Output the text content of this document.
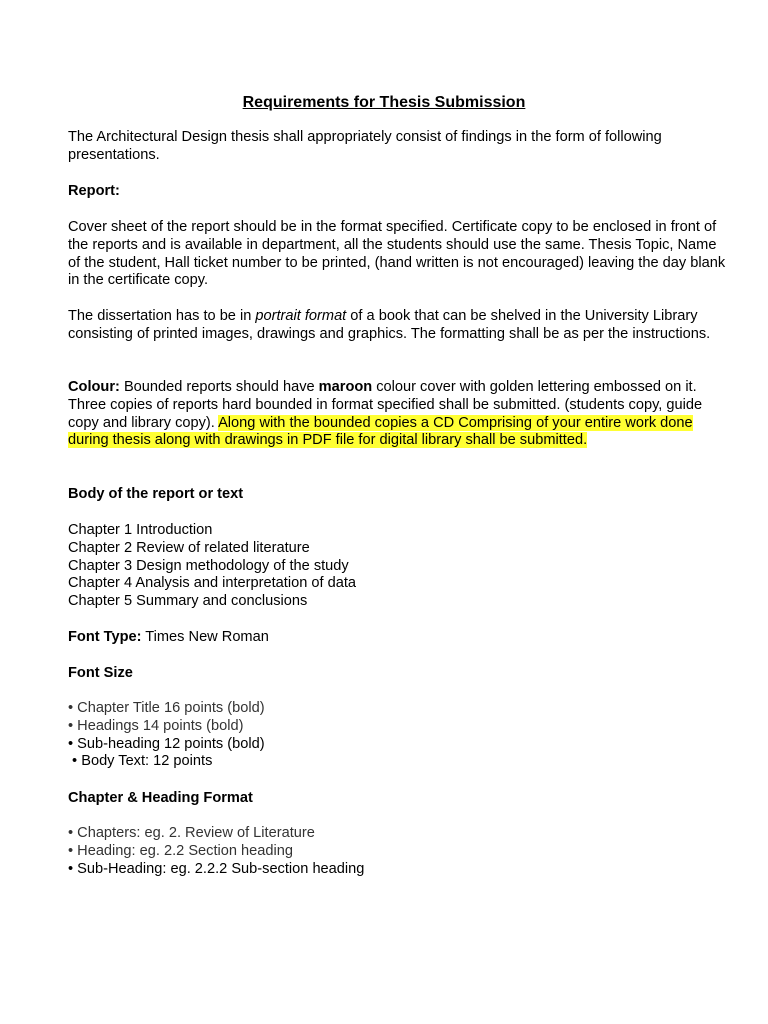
Requirements for Thesis Submission

The Architectural Design thesis shall appropriately consist of findings in the form of following presentations.

Report:

Cover sheet of the report should be in the format specified. Certificate copy to be enclosed in front of the reports and is available in department, all the students should use the same. Thesis Topic, Name of the student, Hall ticket number to be printed, (hand written is not encouraged) leaving the day blank in the certificate copy.

The dissertation has to be in portrait format of a book that can be shelved in the University Library consisting of printed images, drawings and graphics. The formatting shall be as per the instructions.

Colour: Bounded reports should have maroon colour cover with golden lettering embossed on it. Three copies of reports hard bounded in format specified shall be submitted. (students copy, guide copy and library copy). Along with the bounded copies a CD Comprising of your entire work done during thesis along with drawings in PDF file for digital library shall be submitted.

Body of the report or text

Chapter 1 Introduction
Chapter 2 Review of related literature
Chapter 3 Design methodology of the study
Chapter 4 Analysis and interpretation of data
Chapter 5 Summary and conclusions

Font Type: Times New Roman

Font Size

• Chapter Title 16 points (bold)
• Headings 14 points (bold)
• Sub-heading 12 points (bold)
• Body Text: 12 points

Chapter & Heading Format

• Chapters: eg. 2. Review of Literature
• Heading: eg. 2.2 Section heading
• Sub-Heading: eg. 2.2.2 Sub-section heading
